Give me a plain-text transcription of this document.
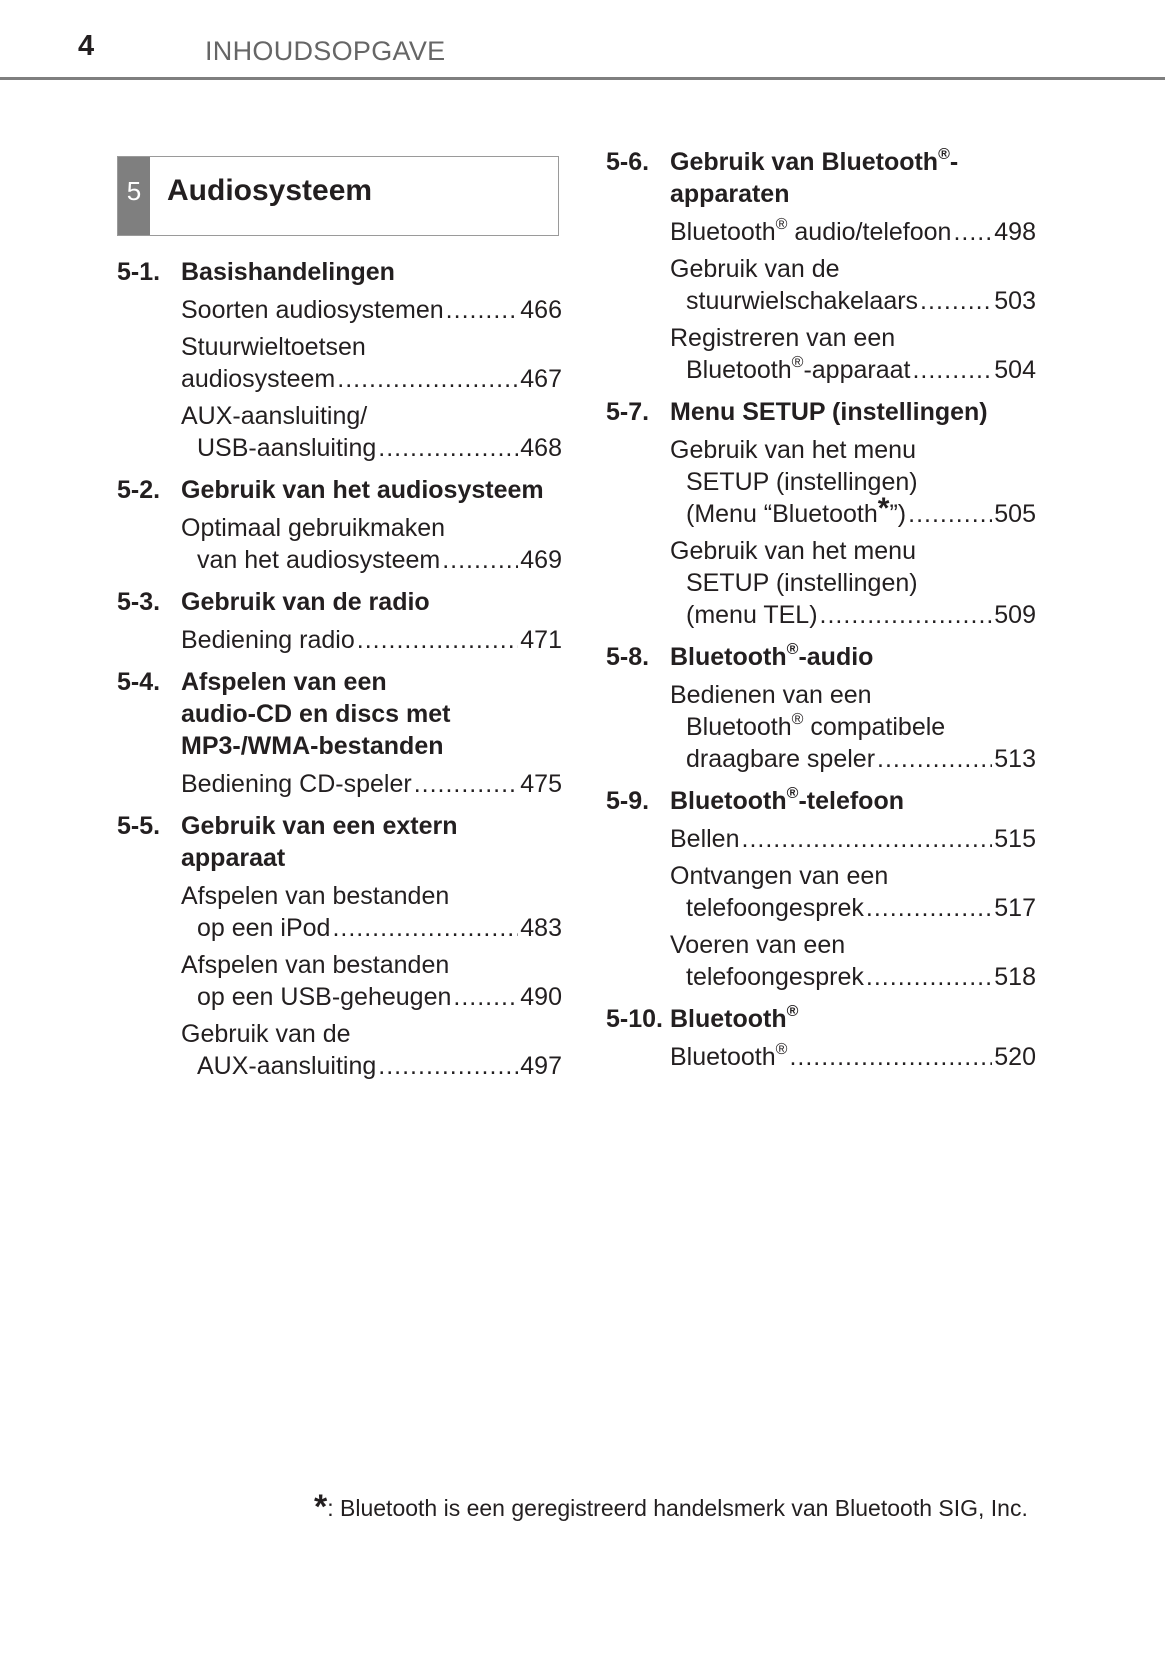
4	INHOUDSOPGAVE
5 Audiosysteem
5-1. Basishandelingen
Soorten audiosystemen .....	466
Stuurwieltoetsen
audiosysteem .....	467
AUX-aansluiting/
USB-aansluiting .....	468
5-2. Gebruik van het audiosysteem
Optimaal gebruikmaken
van het audiosysteem .....	469
5-3. Gebruik van de radio
Bediening radio .....	471
5-4. Afspelen van een
audio-CD en discs met
MP3-/WMA-bestanden
Bediening CD-speler .....	475
5-5. Gebruik van een extern
apparaat
Afspelen van bestanden
op een iPod .....	483
Afspelen van bestanden
op een USB-geheugen .....	490
Gebruik van de
AUX-aansluiting .....	497
5-6. Gebruik van Bluetooth®-
apparaten
Bluetooth® audio/telefoon ..... 498
Gebruik van de
stuurwielschakelaars .....	503
Registreren van een
Bluetooth®-apparaat .....	504
5-7. Menu SETUP (instellingen)
Gebruik van het menu
SETUP (instellingen)
(Menu “Bluetooth*”) .....	505
Gebruik van het menu
SETUP (instellingen)
(menu TEL) .....	509
5-8. Bluetooth®-audio
Bedienen van een
Bluetooth® compatibele
draagbare speler .....	513
5-9. Bluetooth®-telefoon
Bellen .....	515
Ontvangen van een
telefoongesprek .....	517
Voeren van een
telefoongesprek .....	518
5-10. Bluetooth®
Bluetooth® .....	520
*: Bluetooth is een geregistreerd handelsmerk van Bluetooth SIG, Inc.
